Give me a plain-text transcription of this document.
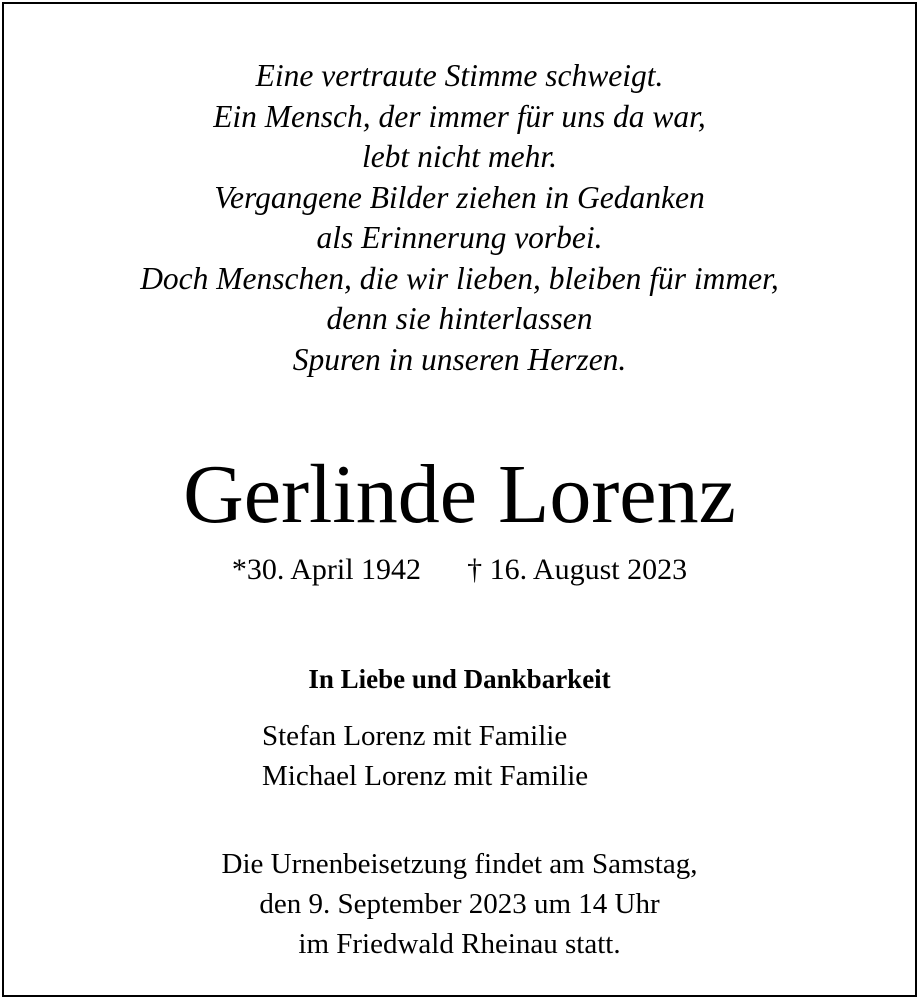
Eine vertraute Stimme schweigt.
Ein Mensch, der immer für uns da war,
lebt nicht mehr.
Vergangene Bilder ziehen in Gedanken
als Erinnerung vorbei.
Doch Menschen, die wir lieben, bleiben für immer,
denn sie hinterlassen
Spuren in unseren Herzen.
Gerlinde Lorenz
*30. April 1942 † 16. August 2023
In Liebe und Dankbarkeit
Stefan Lorenz mit Familie
Michael Lorenz mit Familie
Die Urnenbeisetzung findet am Samstag,
den 9. September 2023 um 14 Uhr
im Friedwald Rheinau statt.
